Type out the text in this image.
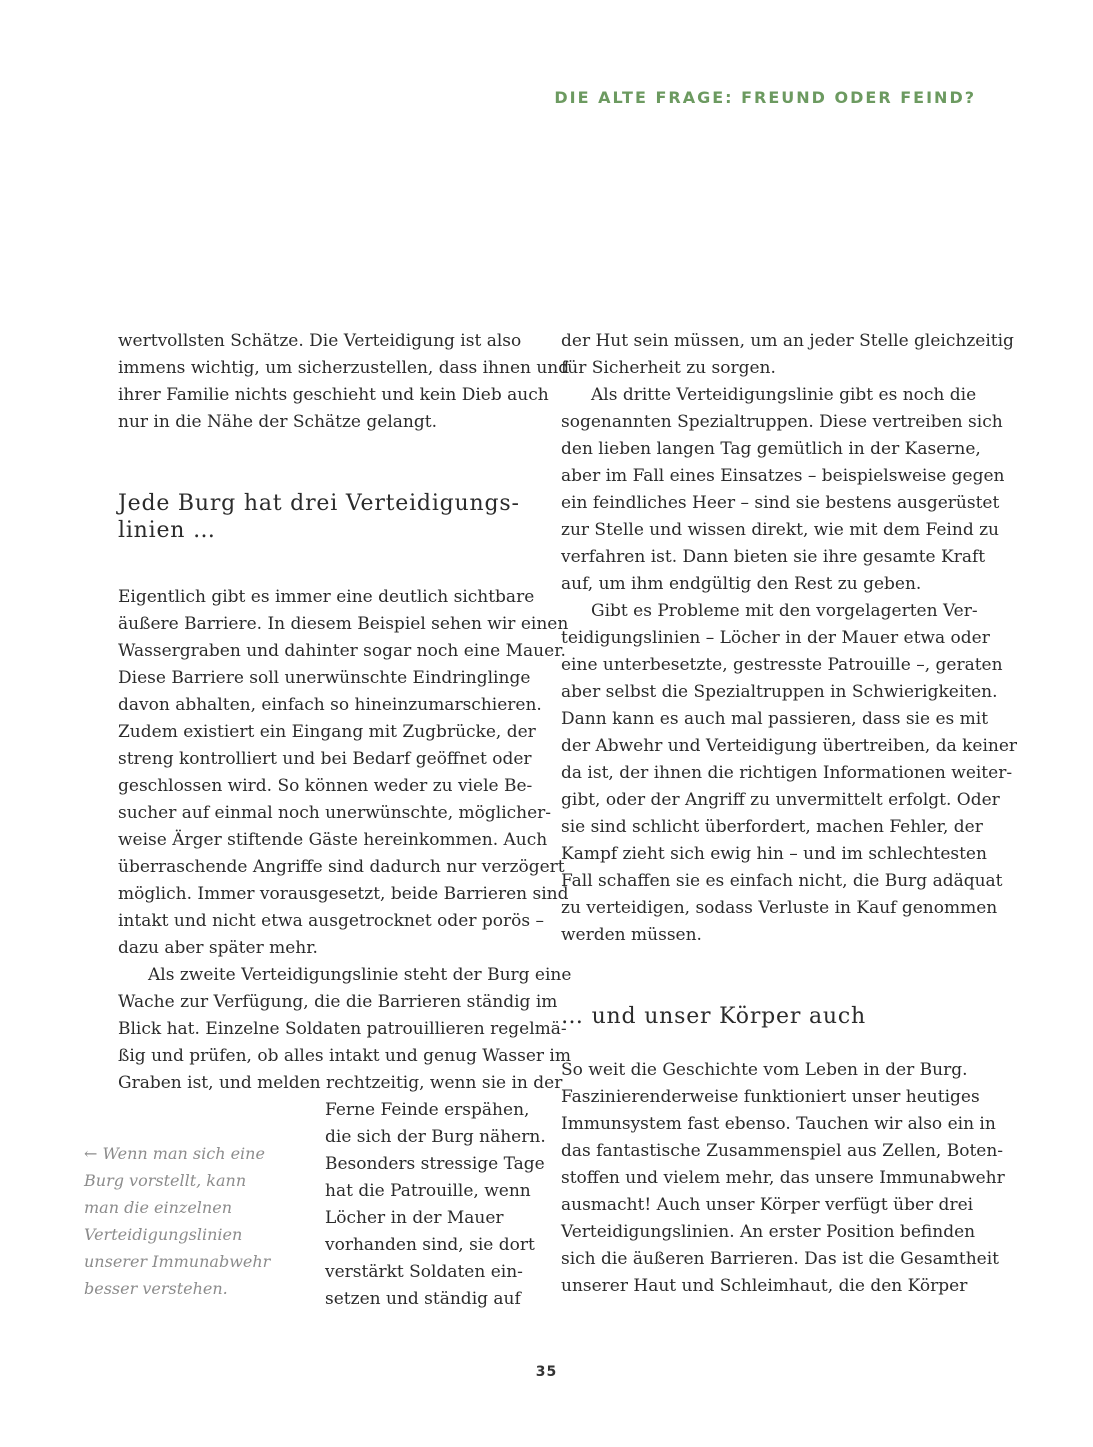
DIE ALTE FRAGE: FREUND ODER FEIND?
wertvollsten Schätze. Die Verteidigung ist also
immens wichtig, um sicherzustellen, dass ihnen und
ihrer Familie nichts geschieht und kein Dieb auch
nur in die Nähe der Schätze gelangt.
Jede Burg hat drei Verteidigungs-
linien …
Eigentlich gibt es immer eine deutlich sichtbare
äußere Barriere. In diesem Beispiel sehen wir einen
Wassergraben und dahinter sogar noch eine Mauer.
Diese Barriere soll unerwünschte Eindringlinge
davon abhalten, einfach so hineinzumarschieren.
Zudem existiert ein Eingang mit Zugbrücke, der
streng kontrolliert und bei Bedarf geöffnet oder
geschlossen wird. So können weder zu viele Be-
sucher auf einmal noch unerwünschte, möglicher-
weise Ärger stiftende Gäste hereinkommen. Auch
überraschende Angriffe sind dadurch nur verzögert
möglich. Immer vorausgesetzt, beide Barrieren sind
intakt und nicht etwa ausgetrocknet oder porös –
dazu aber später mehr.
Als zweite Verteidigungslinie steht der Burg eine
Wache zur Verfügung, die die Barrieren ständig im
Blick hat. Einzelne Soldaten patrouillieren regelmä-
ßig und prüfen, ob alles intakt und genug Wasser im
Graben ist, und melden rechtzeitig, wenn sie in der
Ferne Feinde erspähen,
die sich der Burg nähern.
Besonders stressige Tage
hat die Patrouille, wenn
Löcher in der Mauer
vorhanden sind, sie dort
verstärkt Soldaten ein-
setzen und ständig auf
← Wenn man sich eine
Burg vorstellt, kann
man die einzelnen
Verteidigungslinien
unserer Immunabwehr
besser verstehen.
der Hut sein müssen, um an jeder Stelle gleichzeitig
für Sicherheit zu sorgen.
Als dritte Verteidigungslinie gibt es noch die
sogenannten Spezialtruppen. Diese vertreiben sich
den lieben langen Tag gemütlich in der Kaserne,
aber im Fall eines Einsatzes – beispielsweise gegen
ein feindliches Heer – sind sie bestens ausgerüstet
zur Stelle und wissen direkt, wie mit dem Feind zu
verfahren ist. Dann bieten sie ihre gesamte Kraft
auf, um ihm endgültig den Rest zu geben.
Gibt es Probleme mit den vorgelagerten Ver-
teidigungslinien – Löcher in der Mauer etwa oder
eine unterbesetzte, gestresste Patrouille –, geraten
aber selbst die Spezialtruppen in Schwierigkeiten.
Dann kann es auch mal passieren, dass sie es mit
der Abwehr und Verteidigung übertreiben, da keiner
da ist, der ihnen die richtigen Informationen weiter-
gibt, oder der Angriff zu unvermittelt erfolgt. Oder
sie sind schlicht überfordert, machen Fehler, der
Kampf zieht sich ewig hin – und im schlechtesten
Fall schaffen sie es einfach nicht, die Burg adäquat
zu verteidigen, sodass Verluste in Kauf genommen
werden müssen.
… und unser Körper auch
So weit die Geschichte vom Leben in der Burg.
Faszinierenderweise funktioniert unser heutiges
Immunsystem fast ebenso. Tauchen wir also ein in
das fantastische Zusammenspiel aus Zellen, Boten-
stoffen und vielem mehr, das unsere Immunabwehr
ausmacht! Auch unser Körper verfügt über drei
Verteidigungslinien. An erster Position befinden
sich die äußeren Barrieren. Das ist die Gesamtheit
unserer Haut und Schleimhaut, die den Körper
35
